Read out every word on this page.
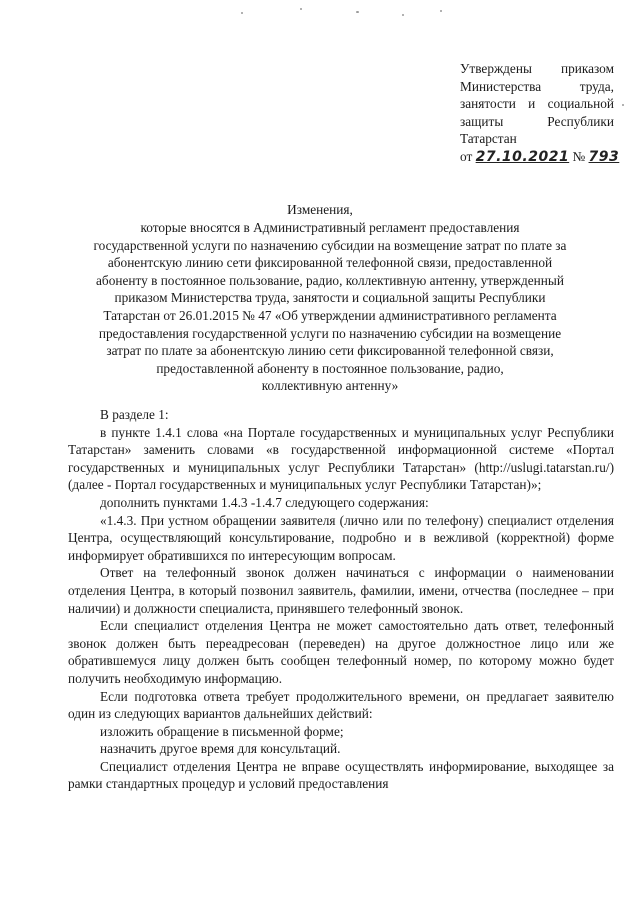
Утверждены приказом
Министерства труда,
занятости и социальной
защиты Республики
Татарстан
от 27.10.2021 № 793
Изменения,
которые вносятся в Административный регламент предоставления
государственной услуги по назначению субсидии на возмещение затрат по плате за
абонентскую линию сети фиксированной телефонной связи, предоставленной
абоненту в постоянное пользование, радио, коллективную антенну, утвержденный
приказом Министерства труда, занятости и социальной защиты Республики
Татарстан от 26.01.2015 № 47 «Об утверждении административного регламента
предоставления государственной услуги по назначению субсидии на возмещение
затрат по плате за абонентскую линию сети фиксированной телефонной связи,
предоставленной абоненту в постоянное пользование, радио,
коллективную антенну»

В разделе 1:

в пункте 1.4.1 слова «на Портале государственных и муниципальных услуг Республики Татарстан» заменить словами «в государственной информационной системе «Портал государственных и муниципальных услуг Республики Татарстан» (http://uslugi.tatarstan.ru/) (далее - Портал государственных и муниципальных услуг Республики Татарстан)»;

дополнить пунктами 1.4.3 -1.4.7 следующего содержания:

«1.4.3. При устном обращении заявителя (лично или по телефону) специалист отделения Центра, осуществляющий консультирование, подробно и в вежливой (корректной) форме информирует обратившихся по интересующим вопросам.

Ответ на телефонный звонок должен начинаться с информации о наименовании отделения Центра, в который позвонил заявитель, фамилии, имени, отчества (последнее – при наличии) и должности специалиста, принявшего телефонный звонок.

Если специалист отделения Центра не может самостоятельно дать ответ, телефонный звонок должен быть переадресован (переведен) на другое должностное лицо или же обратившемуся лицу должен быть сообщен телефонный номер, по которому можно будет получить необходимую информацию.

Если подготовка ответа требует продолжительного времени, он предлагает заявителю один из следующих вариантов дальнейших действий:

изложить обращение в письменной форме;

назначить другое время для консультаций.

Специалист отделения Центра не вправе осуществлять информирование, выходящее за рамки стандартных процедур и условий предоставления
